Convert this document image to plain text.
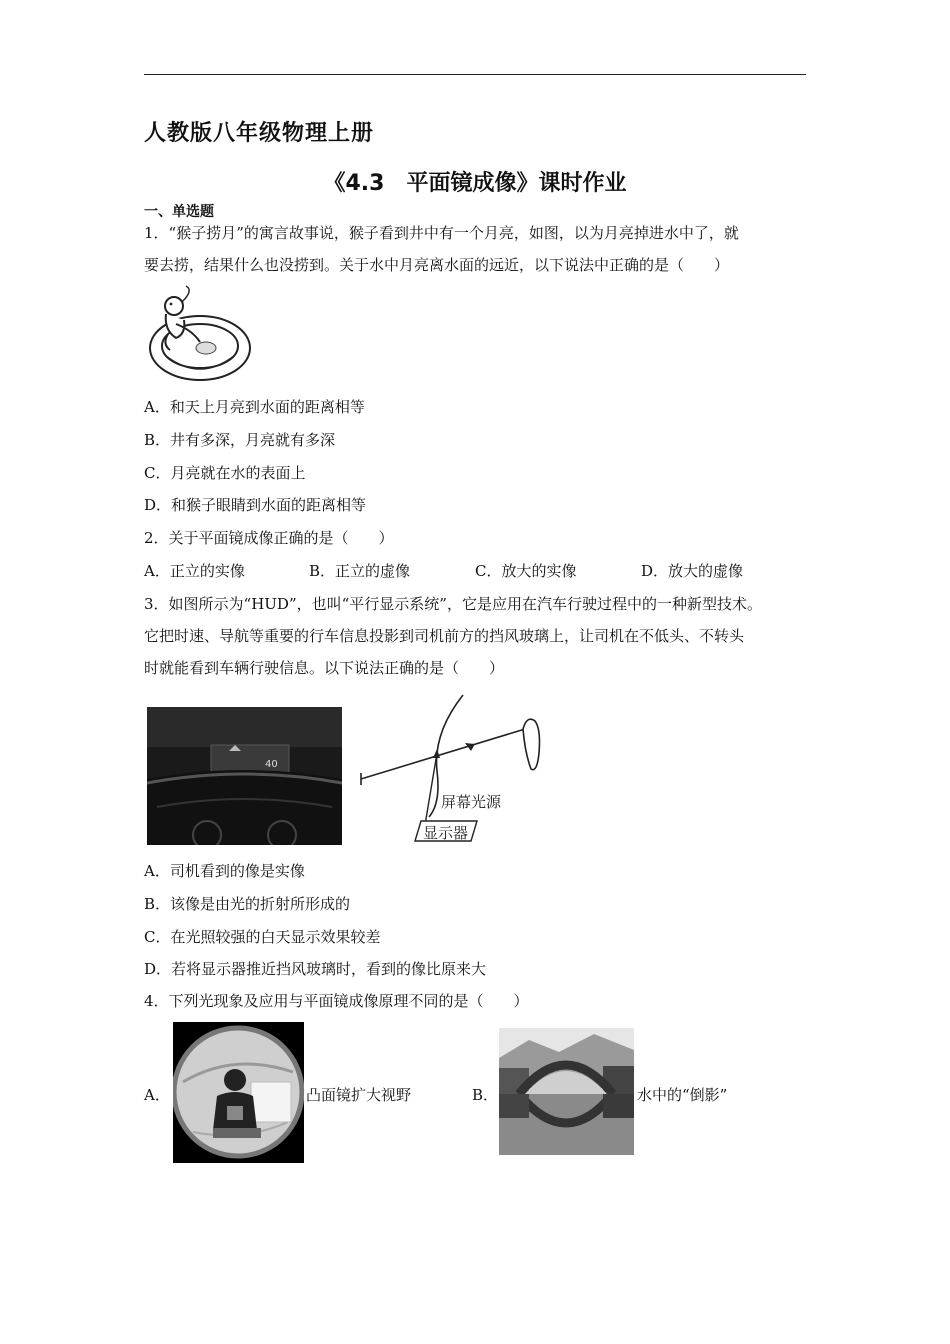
人教版八年级物理上册
《4.3　平面镜成像》课时作业
一、单选题
1．“猴子捞月”的寓言故事说，猴子看到井中有一个月亮，如图，以为月亮掉进水中了，就
要去捞，结果什么也没捞到。关于水中月亮离水面的远近，以下说法中正确的是（　　）
A．和天上月亮到水面的距离相等
B．井有多深，月亮就有多深
C．月亮就在水的表面上
D．和猴子眼睛到水面的距离相等
2．关于平面镜成像正确的是（　　）
A．正立的实像	B．正立的虚像	C．放大的实像	D．放大的虚像
3．如图所示为“HUD”，也叫“平行显示系统”，它是应用在汽车行驶过程中的一种新型技术。
它把时速、导航等重要的行车信息投影到司机前方的挡风玻璃上，让司机在不低头、不转头
时就能看到车辆行驶信息。以下说法正确的是（　　）
40
屏幕光源
显示器
A．司机看到的像是实像
B．该像是由光的折射所形成的
C．在光照较强的白天显示效果较差
D．若将显示器推近挡风玻璃时，看到的像比原来大
4．下列光现象及应用与平面镜成像原理不同的是（　　）
A．	凸面镜扩大视野	B．	水中的“倒影”
